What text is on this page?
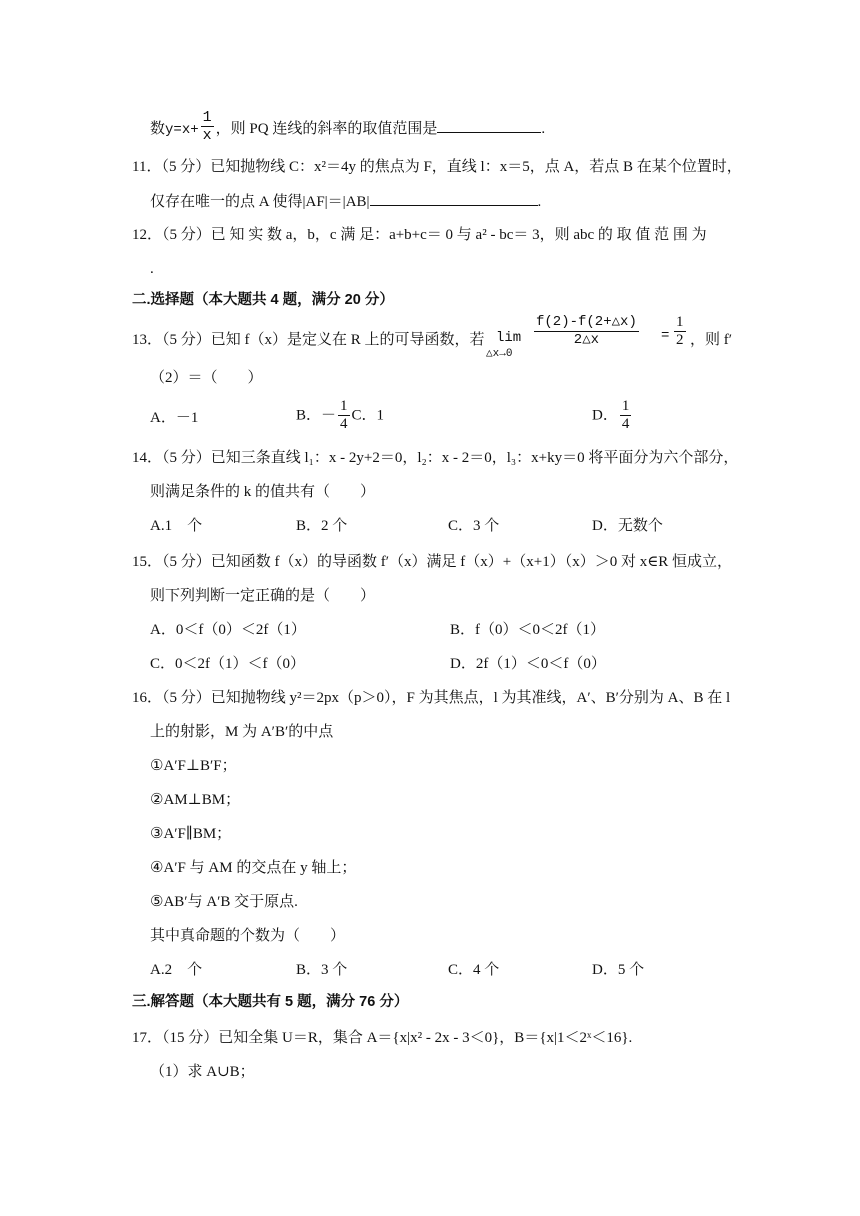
数$y=x+ \frac{1}{x}$ ，则 PQ 连线的斜率的取值范围是	.
11．（5 分）已知抛物线 C：x²＝4y 的焦点为 F，直线 l：x＝5，点 A，若点 B 在某个位置时，
仅存在唯一的点 A 使得|AF|＝|AB|	.
12．（5 分）已 知 实 数 a，b，c 满 足：a+b+c＝ 0 与 a² - bc＝ 3，则 abc 的 取 值 范 围 为
.
二.选择题（本大题共 4 题，满分 20 分）
13．（5 分）已知 f（x）是定义在 R 上的可导函数，若 lim
△x→0
$\frac{f(2)-f(2+\triangle x)}{2\triangle x} = \frac{1}{2}$ ，则 f′
（2）＝（　　）
A．－1	B．－ $\frac{1}{4}$ C．1	D． $\frac{1}{4}$
14．（5 分）已知三条直线 l₁：x - 2y+2＝0，l₂：x - 2＝0，l₃：x+ky＝0 将平面分为六个部分，
则满足条件的 k 的值共有（　　）
A.1　个	B．2 个	C．3 个	D．无数个
15．（5 分）已知函数 f（x）的导函数 f′（x）满足 f（x）+（x+1）（x）＞0 对 x∈R 恒成立，
则下列判断一定正确的是（　　）
A．0＜f（0）＜2f（1）	B．f（0）＜0＜2f（1）
C．0＜2f（1）＜f（0）	D．2f（1）＜0＜f（0）
16．（5 分）已知抛物线 y²＝2px（p＞0），F 为其焦点，l 为其准线，A′、B′分别为 A、B 在 l
上的射影，M 为 A′B′的中点
①A′F⊥B′F；
②AM⊥BM；
③A′F∥BM；
④A′F 与 AM 的交点在 y 轴上；
⑤AB′与 A′B 交于原点.
其中真命题的个数为（　　）
A.2　个	B．3 个	C．4 个	D．5 个
三.解答题（本大题共有 5 题，满分 76 分）
17．（15 分）已知全集 U＝R，集合 A＝{x|x² - 2x - 3＜0}，B＝{x|1＜2ˣ＜16}.
（1）求 A∪B；
